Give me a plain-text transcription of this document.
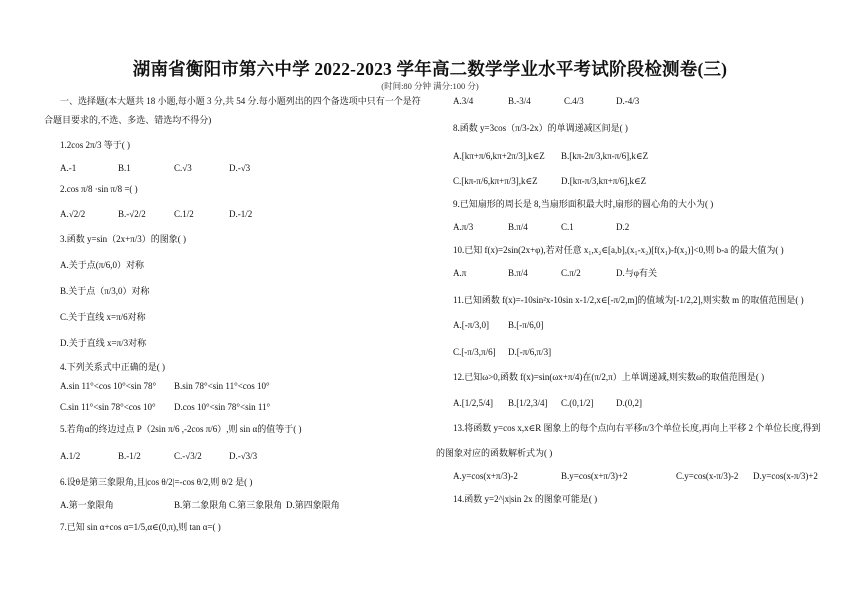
湖南省衡阳市第六中学 2022-2023 学年高二数学学业水平考试阶段检测卷(三)
(时间:80 分钟 满分:100 分)
一、选择题(本大题共 18 小题,每小题 3 分,共 54 分.每小题列出的四个备选项中只有一个是符
合题目要求的,不选、多选、错选均不得分)
1.2cos 2π/3 等于( )
A.-1	B.1	C.√3	D.-√3
2.cos π/8 ·sin π/8 =( )
A.√2/2	B.-√2/2	C.1/2	D.-1/2
3.函数 y=sin（2x+π/3）的图象( )
A.关于点(π/6,0）对称
B.关于点（π/3,0）对称
C.关于直线 x=π/6对称
D.关于直线 x=π/3对称
4.下列关系式中正确的是( )
A.sin 11°<cos 10°<sin 78° B.sin 78°<sin 11°<cos 10°
C.sin 11°<sin 78°<cos 10° D.cos 10°<sin 78°<sin 11°
5.若角α的终边过点 P（2sin π/6 ,-2cos π/6）,则 sin α的值等于( )
A.1/2	B.-1/2	C.-√3/2	D.-√3/3
6.设θ是第三象限角,且|cos θ/2|=-cos θ/2,则 θ/2 是( )
A.第一象限角	B.第二象限角 C.第三象限角 D.第四象限角
7.已知 sin α+cos α=1/5,α∈(0,π),则 tan α=( )
A.3/4	B.-3/4	C.4/3	D.-4/3
8.函数 y=3cos（π/3-2x）的单调递减区间是( )
A.[kπ+π/6,kπ+2π/3],k∈Z B.[kπ-2π/3,kπ-π/6],k∈Z
C.[kπ-π/6,kπ+π/3],k∈Z	D.[kπ-π/3,kπ+π/6],k∈Z
9.已知扇形的周长是 8,当扇形面积最大时,扇形的圆心角的大小为( )
A.π/3	B.π/4	C.1	D.2
10.已知 f(x)=2sin(2x+φ),若对任意 x₁,x₂∈[a,b],(x₁-x₂)[f(x₁)-f(x₂)]<0,则 b-a 的最大值为( )
A.π	B.π/4	C.π/2	D.与φ有关
11.已知函数 f(x)=-10sin²x-10sin x-1/2,x∈[-π/2,m]的值域为[-1/2,2],则实数 m 的取值范围是( )
A.[-π/3,0] B.[-π/6,0]
C.[-π/3,π/6] D.[-π/6,π/3]
12.已知ω>0,函数 f(x)=sin(ωx+π/4)在(π/2,π）上单调递减,则实数ω的取值范围是( )
A.[1/2,5/4] B.[1/2,3/4] C.(0,1/2]	D.(0,2]
13.将函数 y=cos x,x∈R 图象上的每个点向右平移π/3个单位长度,再向上平移 2 个单位长度,得到
的图象对应的函数解析式为( )
A.y=cos(x+π/3)-2	B.y=cos(x+π/3)+2	C.y=cos(x-π/3)-2 D.y=cos(x-π/3)+2
14.函数 y=2^|x|sin 2x 的图象可能是( )
